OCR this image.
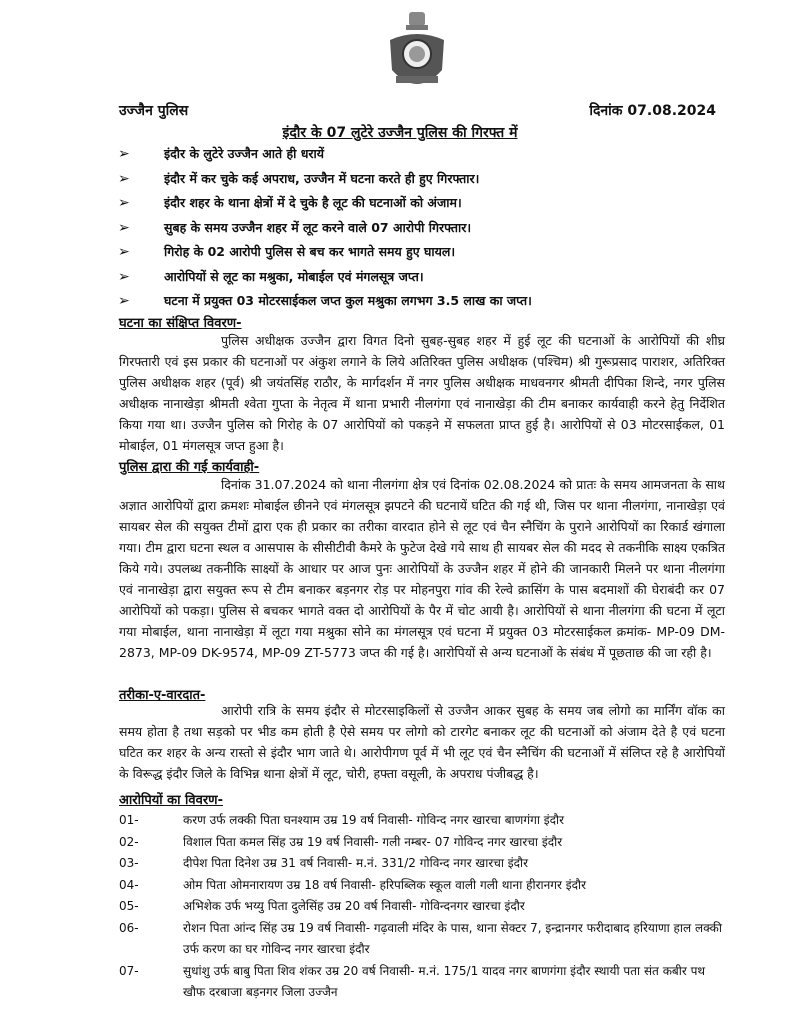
उज्जैन पुलिस	दिनांक 07.08.2024
इंदौर के 07 लुटेरे उज्जैन पुलिस की गिरफ्त में
➢	इंदौर के लुटेरे उज्जैन आते ही धरायें
➢	इंदौर में कर चुके कई अपराध, उज्जैन में घटना करते ही हुए गिरफ्तार।
➢	इंदौर शहर के थाना क्षेत्रों में दे चुके है लूट की घटनाओं को अंजाम।
➢	सुबह के समय उज्जैन शहर में लूट करने वाले 07 आरोपी गिरफ्तार।
➢	गिरोह के 02 आरोपी पुलिस से बच कर भागते समय हुए घायल।
➢	आरोपियों से लूट का मश्रुका, मोबाईल एवं मंगलसूत्र जप्त।
➢	घटना में प्रयुक्त 03 मोटरसाईकल जप्त कुल मश्रुका लगभग 3.5 लाख का जप्त।
घटना का संक्षिप्त विवरण-
पुलिस अधीक्षक उज्जैन द्वारा विगत दिनो सुबह-सुबह शहर में हुई लूट की घटनाओं के आरोपियों की शीघ्र गिरफ्तारी एवं इस प्रकार की घटनाओं पर अंकुश लगाने के लिये अतिरिक्त पुलिस अधीक्षक (पश्चिम) श्री गुरूप्रसाद पाराशर, अतिरिक्त पुलिस अधीक्षक शहर (पूर्व) श्री जयंतसिंह राठौर, के मार्गदर्शन में नगर पुलिस अधीक्षक माधवनगर श्रीमती दीपिका शिन्दे, नगर पुलिस अधीक्षक नानाखेड़ा श्रीमती श्वेता गुप्ता के नेतृत्व में थाना प्रभारी नीलगंगा एवं नानाखेड़ा की टीम बनाकर कार्यवाही करने हेतु निर्देशित किया गया था। उज्जैन पुलिस को गिरोह के 07 आरोपियों को पकड़ने में सफलता प्राप्त हुई है। आरोपियों से 03 मोटरसाईकल, 01 मोबाईल, 01 मंगलसूत्र जप्त हुआ है।
पुलिस द्वारा की गई कार्यवाही-
दिनांक 31.07.2024 को थाना नीलगंगा क्षेत्र एवं दिनांक 02.08.2024 को प्रातः के समय आमजनता के साथ अज्ञात आरोपियों द्वारा क्रमशः मोबाईल छीनने एवं मंगलसूत्र झपटने की घटनायें घटित की गई थी, जिस पर थाना नीलगंगा, नानाखेड़ा एवं सायबर सेल की सयुक्त टीमों द्वारा एक ही प्रकार का तरीका वारदात होने से लूट एवं चैन स्नैचिंग के पुराने आरोपियों का रिकार्ड खंगाला गया। टीम द्वारा घटना स्थल व आसपास के सीसीटीवी कैमरे के फुटेज देखे गये साथ ही सायबर सेल की मदद से तकनीकि साक्ष्य एकत्रित किये गये। उपलब्ध तकनीकि साक्ष्यों के आधार पर आज पुनः आरोपियों के उज्जैन शहर में होने की जानकारी मिलने पर थाना नीलगंगा एवं नानाखेड़ा द्वारा सयुक्त रूप से टीम बनाकर बड़नगर रोड़ पर मोहनपुरा गांव की रेल्वे क्रासिंग के पास बदमाशों की घेराबंदी कर 07 आरोपियों को पकड़ा। पुलिस से बचकर भागते वक्त दो आरोपियों के पैर में चोट आयी है। आरोपियों से थाना नीलगंगा की घटना में लूटा गया मोबाईल, थाना नानाखेड़ा में लूटा गया मश्रुका सोने का मंगलसूत्र एवं घटना में प्रयुक्त 03 मोटरसाईकल क्रमांक- MP-09 DM-2873, MP-09 DK-9574, MP-09 ZT-5773 जप्त की गई है। आरोपियों से अन्य घटनाओं के संबंध में पूछताछ की जा रही है।
तरीका-ए-वारदात-
आरोपी रात्रि के समय इंदौर से मोटरसाइकिलों से उज्जैन आकर सुबह के समय जब लोगो का मार्निंग वॉक का समय होता है तथा सड़को पर भीड कम होती है ऐसे समय पर लोगो को टारगेट बनाकर लूट की घटनाओं को अंजाम देते है एवं घटना घटित कर शहर के अन्य रास्तो से इंदौर भाग जाते थे। आरोपीगण पूर्व में भी लूट एवं चैन स्नैचिंग की घटनाओं में संलिप्त रहे है आरोपियों के विरूद्ध इंदौर जिले के विभिन्न थाना क्षेत्रों में लूट, चोरी, हफ्ता वसूली, के अपराध पंजीबद्ध है।
आरोपियों का विवरण-
01-	करण उर्फ लक्की पिता घनश्याम उम्र 19 वर्ष निवासी- गोविन्द नगर खारचा बाणगंगा इंदौर
02-	विशाल पिता कमल सिंह उम्र 19 वर्ष निवासी- गली नम्बर- 07 गोविन्द नगर खारचा इंदौर
03-	दीपेश पिता दिनेश उम्र 31 वर्ष निवासी- म.नं. 331/2 गोविन्द नगर खारचा इंदौर
04-	ओम पिता ओमनारायण उम्र 18 वर्ष निवासी- हरिपब्लिक स्कूल वाली गली थाना हीरानगर इंदौर
05-	अभिशेक उर्फ भय्यु पिता दुलेसिंह उम्र 20 वर्ष निवासी- गोविन्दनगर खारचा इंदौर
06-	रोशन पिता आंन्द सिंह उम्र 19 वर्ष निवासी- गढ़वाली मंदिर के पास, थाना सेक्टर 7, इन्द्रानगर फरीदाबाद हरियाणा हाल लक्की उर्फ करण का घर गोविन्द नगर खारचा इंदौर
07-	सुधांशु उर्फ बाबु पिता शिव शंकर उम्र 20 वर्ष निवासी- म.नं. 175/1 यादव नगर बाणगंगा इंदौर स्थायी पता संत कबीर पथ खौफ दरबाजा बड़नगर जिला उज्जैन
